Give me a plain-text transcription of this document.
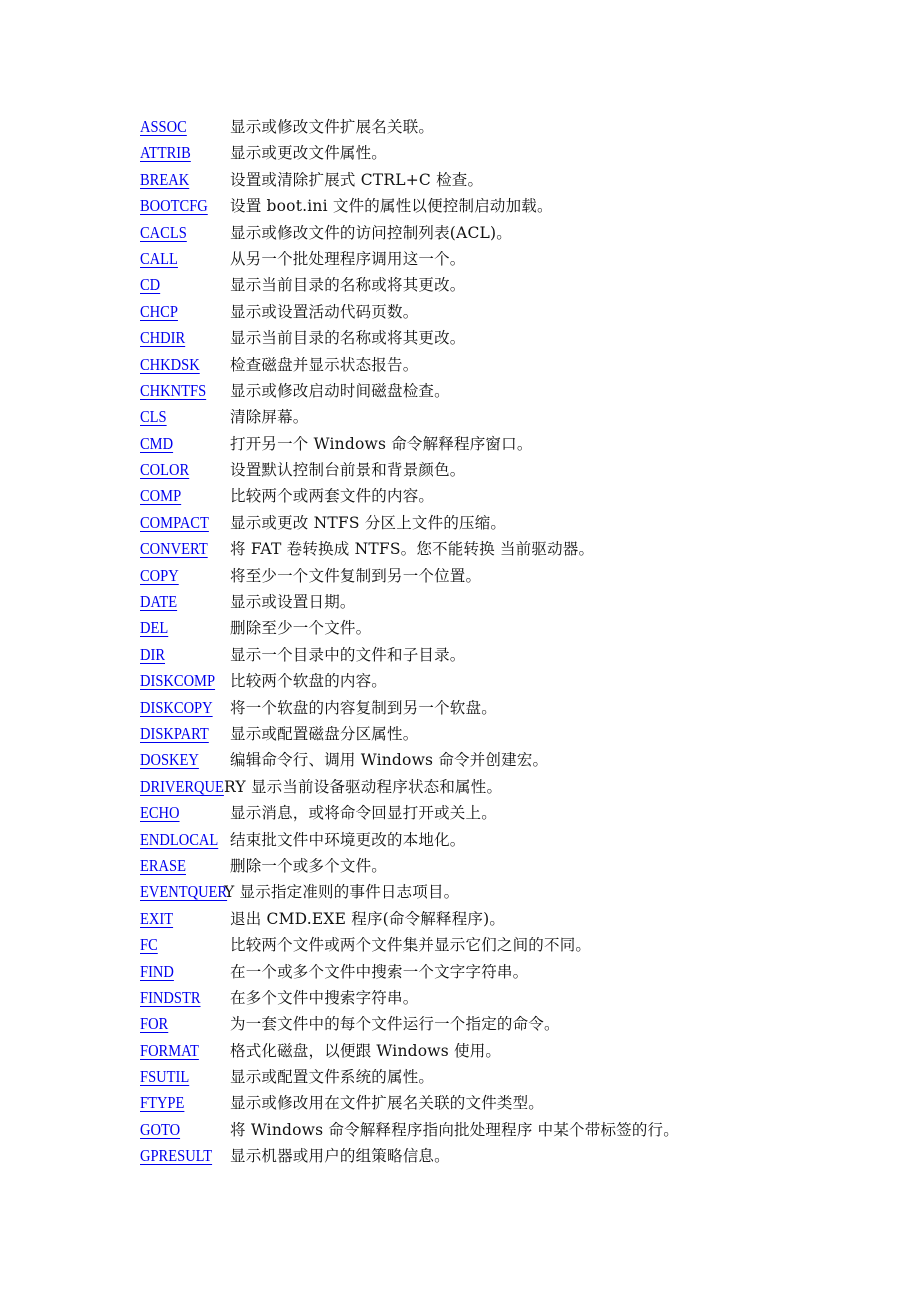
ASSOC	显示或修改文件扩展名关联。
ATTRIB	显示或更改文件属性。
BREAK	设置或清除扩展式 CTRL+C 检查。
BOOTCFG 设置 boot.ini 文件的属性以便控制启动加载。
CACLS	显示或修改文件的访问控制列表(ACL)。
CALL	从另一个批处理程序调用这一个。
CD	显示当前目录的名称或将其更改。
CHCP	显示或设置活动代码页数。
CHDIR	显示当前目录的名称或将其更改。
CHKDSK 检查磁盘并显示状态报告。
CHKNTFS 显示或修改启动时间磁盘检查。
CLS	清除屏幕。
CMD	打开另一个 Windows 命令解释程序窗口。
COLOR	设置默认控制台前景和背景颜色。
COMP	比较两个或两套文件的内容。
COMPACT 显示或更改 NTFS 分区上文件的压缩。
CONVERT 将 FAT 卷转换成 NTFS。您不能转换 当前驱动器。
COPY	将至少一个文件复制到另一个位置。
DATE	显示或设置日期。
DEL	删除至少一个文件。
DIR	显示一个目录中的文件和子目录。
DISKCOMP 比较两个软盘的内容。
DISKCOPY 将一个软盘的内容复制到另一个软盘。
DISKPART 显示或配置磁盘分区属性。
DOSKEY 编辑命令行、调用 Windows 命令并创建宏。
DRIVERQUERY 显示当前设备驱动程序状态和属性。
ECHO	显示消息，或将命令回显打开或关上。
ENDLOCAL 结束批文件中环境更改的本地化。
ERASE	删除一个或多个文件。
EVENTQUERY 显示指定准则的事件日志项目。
EXIT	退出 CMD.EXE 程序(命令解释程序)。
FC	比较两个文件或两个文件集并显示它们之间的不同。
FIND	在一个或多个文件中搜索一个文字字符串。
FINDSTR 在多个文件中搜索字符串。
FOR	为一套文件中的每个文件运行一个指定的命令。
FORMAT 格式化磁盘，以便跟 Windows 使用。
FSUTIL	显示或配置文件系统的属性。
FTYPE	显示或修改用在文件扩展名关联的文件类型。
GOTO	将 Windows 命令解释程序指向批处理程序 中某个带标签的行。
GPRESULT 显示机器或用户的组策略信息。
